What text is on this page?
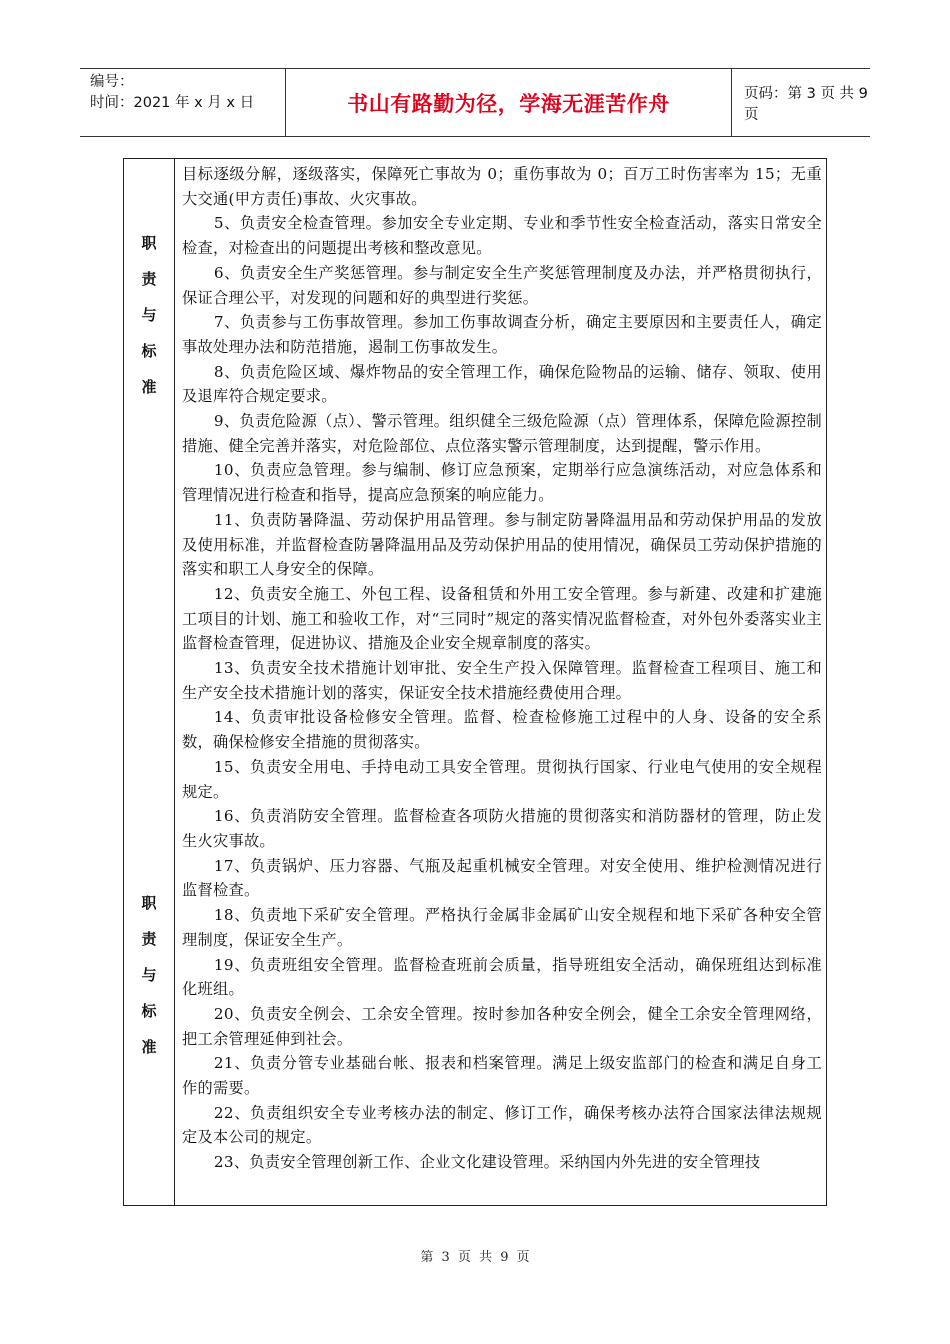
编号：
时间：2021 年 x 月 x 日	书山有路勤为径，学海无涯苦作舟	页码：第 3 页 共 9 页
职
责
与
标
准
职
责
与
标
准

目标逐级分解，逐级落实，保障死亡事故为 0；重伤事故为 0；百万工时伤害率为 15；无重大交通(甲方责任)事故、火灾事故。

5、负责安全检查管理。参加安全专业定期、专业和季节性安全检查活动，落实日常安全检查，对检查出的问题提出考核和整改意见。

6、负责安全生产奖惩管理。参与制定安全生产奖惩管理制度及办法，并严格贯彻执行，保证合理公平，对发现的问题和好的典型进行奖惩。

7、负责参与工伤事故管理。参加工伤事故调查分析，确定主要原因和主要责任人，确定事故处理办法和防范措施，遏制工伤事故发生。

8、负责危险区域、爆炸物品的安全管理工作，确保危险物品的运输、储存、领取、使用及退库符合规定要求。

9、负责危险源（点）、警示管理。组织健全三级危险源（点）管理体系，保障危险源控制措施、健全完善并落实，对危险部位、点位落实警示管理制度，达到提醒，警示作用。

10、负责应急管理。参与编制、修订应急预案，定期举行应急演练活动，对应急体系和管理情况进行检查和指导，提高应急预案的响应能力。

11、负责防暑降温、劳动保护用品管理。参与制定防暑降温用品和劳动保护用品的发放及使用标准，并监督检查防暑降温用品及劳动保护用品的使用情况，确保员工劳动保护措施的落实和职工人身安全的保障。

12、负责安全施工、外包工程、设备租赁和外用工安全管理。参与新建、改建和扩建施工项目的计划、施工和验收工作，对“三同时”规定的落实情况监督检查，对外包外委落实业主监督检查管理，促进协议、措施及企业安全规章制度的落实。

13、负责安全技术措施计划审批、安全生产投入保障管理。监督检查工程项目、施工和生产安全技术措施计划的落实，保证安全技术措施经费使用合理。

14、负责审批设备检修安全管理。监督、检查检修施工过程中的人身、设备的安全系数，确保检修安全措施的贯彻落实。

15、负责安全用电、手持电动工具安全管理。贯彻执行国家、行业电气使用的安全规程规定。

16、负责消防安全管理。监督检查各项防火措施的贯彻落实和消防器材的管理，防止发生火灾事故。

17、负责锅炉、压力容器、气瓶及起重机械安全管理。对安全使用、维护检测情况进行监督检查。

18、负责地下采矿安全管理。严格执行金属非金属矿山安全规程和地下采矿各种安全管理制度，保证安全生产。

19、负责班组安全管理。监督检查班前会质量，指导班组安全活动，确保班组达到标准化班组。

20、负责安全例会、工余安全管理。按时参加各种安全例会，健全工余安全管理网络，把工余管理延伸到社会。

21、负责分管专业基础台帐、报表和档案管理。满足上级安监部门的检查和满足自身工作的需要。

22、负责组织安全专业考核办法的制定、修订工作，确保考核办法符合国家法律法规规定及本公司的规定。

23、负责安全管理创新工作、企业文化建设管理。采纳国内外先进的安全管理技

第 3 页 共 9 页
